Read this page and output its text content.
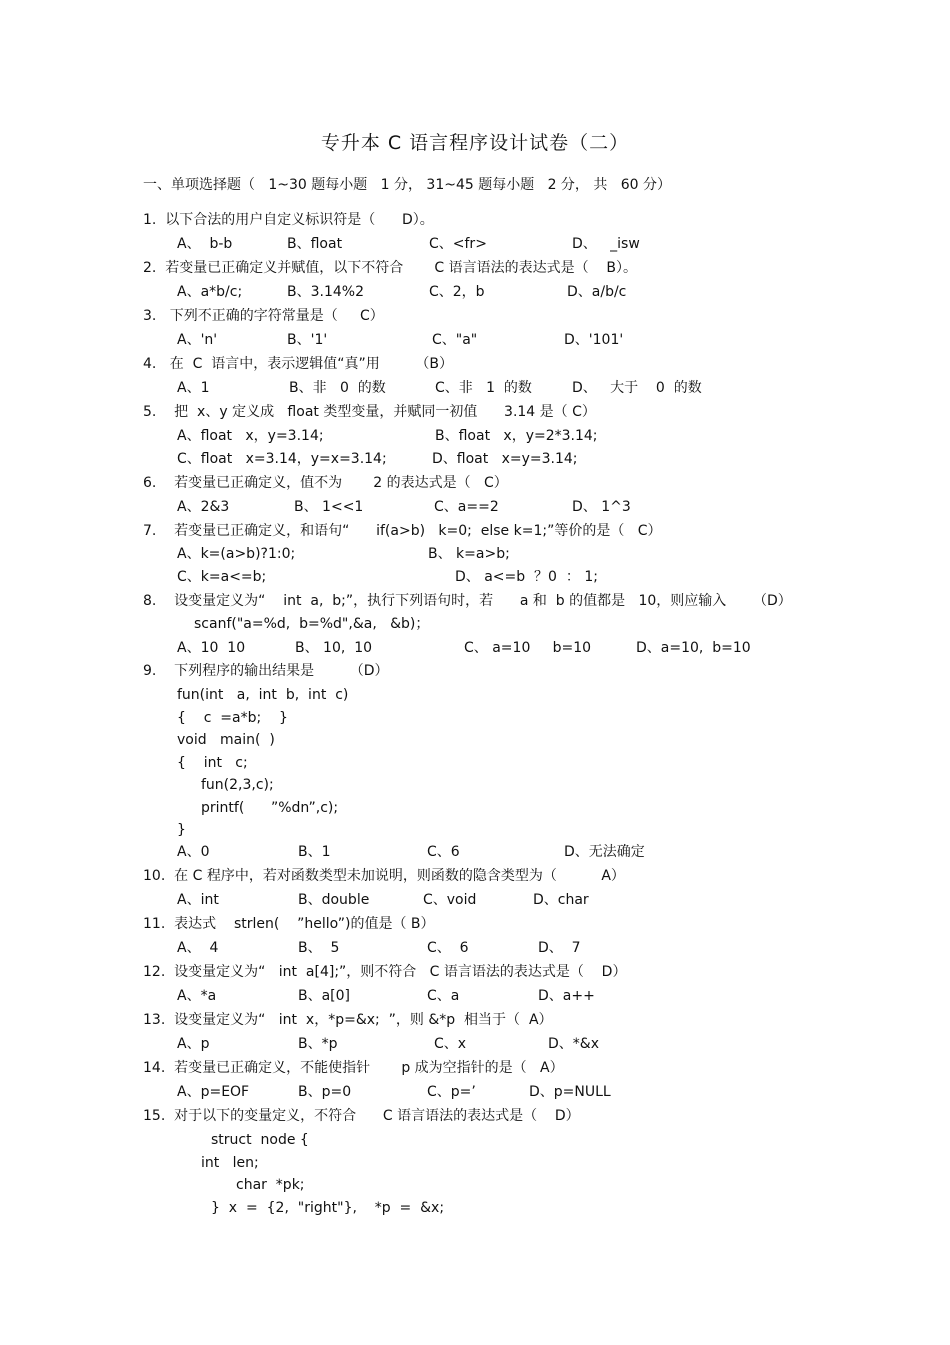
专升本 C 语言程序设计试卷（二）
一、单项选择题（   1~30 题每小题   1 分， 31~45 题每小题   2 分， 共   60 分）
1.  以下合法的用户自定义标识符是（      D）。
A、  b-b	B、float	C、<fr>	D、   _isw
2.  若变量已正确定义并赋值，以下不符合       C 语言语法的表达式是（    B）。
A、a*b/c;	B、3.14%2	C、2，b	D、a/b/c
3.   下列不正确的字符常量是（     C）
A、'n'	B、'1'	C、"a"	D、'101'
4.   在  C  语言中，表示逻辑值“真”用        （B）
A、1	B、非   0  的数	C、非   1  的数	D、   大于    0  的数
5.    把  x、y 定义成   float 类型变量，并赋同一初值      3.14 是（ C）
A、float   x，y=3.14;	B、float   x，y=2*3.14;
C、float   x=3.14，y=x=3.14;	D、float   x=y=3.14;
6.    若变量已正确定义，值不为       2 的表达式是（   C）
A、2&3	B、 1<<1	C、a==2	D、 1^3
7.    若变量已正确定义，和语句“      if(a>b)   k=0;  else k=1;”等价的是（   C）
A、k=(a>b)?1:0;	B、 k=a>b;
C、k=a<=b;	D、 a<=b  ？0  ： 1;
8.    设变量定义为“    int  a,  b;”，执行下列语句时，若      a 和  b 的值都是   10，则应输入      （D）
scanf("a=%d,  b=%d",&a,   &b)；
A、10  10	B、 10,  10	C、 a=10     b=10	D、a=10,  b=10
9.    下列程序的输出结果是        （D）
fun(int   a,  int  b,  int  c)
{    c  =a*b;    }
void   main(  )
{    int   c;
fun(2,3,c);
printf(      ”%dn”,c);
}
A、0	B、1	C、6	D、无法确定
10.  在 C 程序中，若对函数类型未加说明，则函数的隐含类型为（          A）
A、int	B、double	C、void	D、char
11.  表达式    strlen(    ”hello”)的值是（ B）
A、  4	B、  5	C、  6	D、  7
12.  设变量定义为“   int  a[4];”，则不符合   C 语言语法的表达式是（    D）
A、*a	B、a[0]	C、a	D、a++
13.  设变量定义为“   int  x，*p=&x;  ”，则 &*p  相当于（  A）
A、p	B、*p	C、x	D、*&x
14.  若变量已正确定义，不能使指针       p 成为空指针的是（   A）
A、p=EOF	B、p=0	C、p=’	D、p=NULL
15.  对于以下的变量定义，不符合      C 语言语法的表达式是（    D）
struct  node {
int   len;
char  *pk;
}  x  =  {2,  "right"},    *p  =  &x;
